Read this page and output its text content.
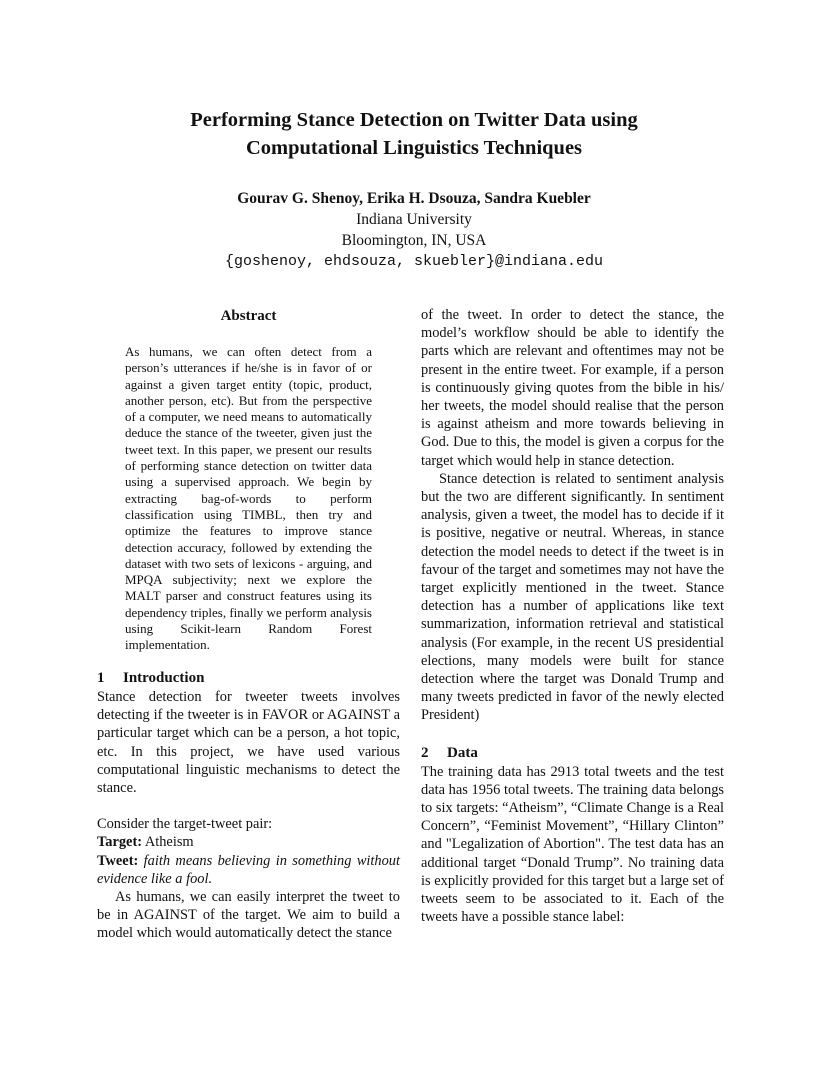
Performing Stance Detection on Twitter Data using
Computational Linguistics Techniques
Gourav G. Shenoy, Erika H. Dsouza, Sandra Kuebler
Indiana University
Bloomington, IN, USA
{goshenoy, ehdsouza, skuebler}@indiana.edu
Abstract
As humans, we can often detect from a person’s utterances if he/she is in favor of or against a given target entity (topic, product, another person, etc). But from the perspective of a computer, we need means to automatically deduce the stance of the tweeter, given just the tweet text. In this paper, we present our results of performing stance detection on twitter data using a supervised approach. We begin by extracting bag-of-words to perform classification using TIMBL, then try and optimize the features to improve stance detection accuracy, followed by extending the dataset with two sets of lexicons - arguing, and MPQA subjectivity; next we explore the MALT parser and construct features using its dependency triples, finally we perform analysis using Scikit-learn Random Forest implementation.
1 Introduction

Stance detection for tweeter tweets involves detecting if the tweeter is in FAVOR or AGAINST a particular target which can be a person, a hot topic, etc. In this project, we have used various computational linguistic mechanisms to detect the stance.

Consider the target-tweet pair:
Target: Atheism

Tweet: faith means believing in something without evidence like a fool.

As humans, we can easily interpret the tweet to be in AGAINST of the target. We aim to build a model which would automatically detect the stance

of the tweet. In order to detect the stance, the model’s workflow should be able to identify the parts which are relevant and oftentimes may not be present in the entire tweet. For example, if a person is continuously giving quotes from the bible in his/ her tweets, the model should realise that the person is against atheism and more towards believing in God. Due to this, the model is given a corpus for the target which would help in stance detection.

Stance detection is related to sentiment analysis but the two are different significantly. In sentiment analysis, given a tweet, the model has to decide if it is positive, negative or neutral. Whereas, in stance detection the model needs to detect if the tweet is in favour of the target and sometimes may not have the target explicitly mentioned in the tweet. Stance detection has a number of applications like text summarization, information retrieval and statistical analysis (For example, in the recent US presidential elections, many models were built for stance detection where the target was Donald Trump and many tweets predicted in favor of the newly elected President)

2 Data

The training data has 2913 total tweets and the test data has 1956 total tweets. The training data belongs to six targets: “Atheism”, “Climate Change is a Real Concern”, “Feminist Movement”, “Hillary Clinton” and "Legalization of Abortion". The test data has an additional target “Donald Trump”. No training data is explicitly provided for this target but a large set of tweets seem to be associated to it. Each of the tweets have a possible stance label:
